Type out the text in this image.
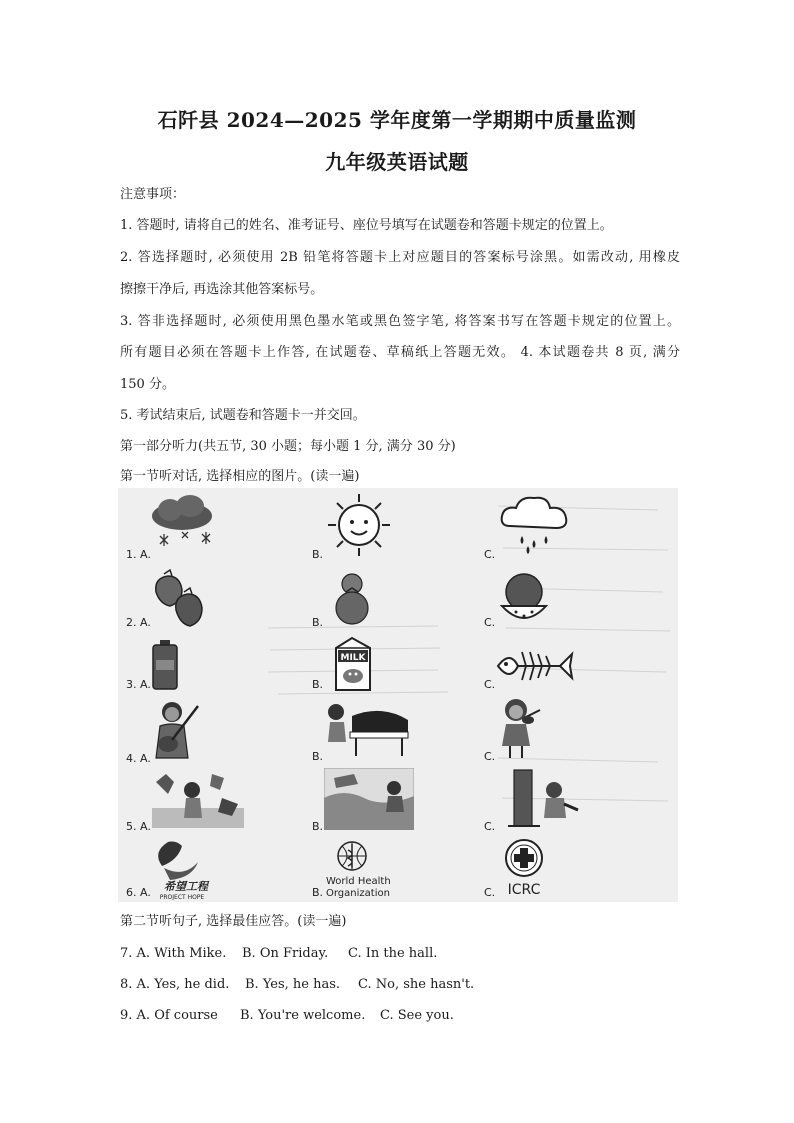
石阡县 2024—2025 学年度第一学期期中质量监测
九年级英语试题
注意事项：
1. 答题时, 请将自己的姓名、准考证号、座位号填写在试题卷和答题卡规定的位置上。
2. 答选择题时, 必须使用 2B 铅笔将答题卡上对应题目的答案标号涂黑。如需改动, 用橡皮
擦擦干净后, 再选涂其他答案标号。
3. 答非选择题时, 必须使用黑色墨水笔或黑色签字笔, 将答案书写在答题卡规定的位置上。
所有题目必须在答题卡上作答, 在试题卷、草稿纸上答题无效。 4. 本试题卷共 8 页, 满分
150 分。
5. 考试结束后, 试题卷和答题卡一并交回。
第一部分听力(共五节, 30 小题；每小题 1 分, 满分 30 分)
第一节听对话, 选择相应的图片。(读一遍)
1. A.	B.	C.
2. A.	B.	C.
MILK
3. A.	B.	C.
4. A.	B.	C.
5. A.	B.	C.
希望工程
PROJECT HOPE
World Health
Organization	ICRC
6. A.	B.	C.
第二节听句子, 选择最佳应答。(读一遍)
7. A. With Mike. B. On Friday. C. In the hall.
8. A. Yes, he did. B. Yes, he has. C. No, she hasn't.
9. A. Of course B. You're welcome. C. See you.
